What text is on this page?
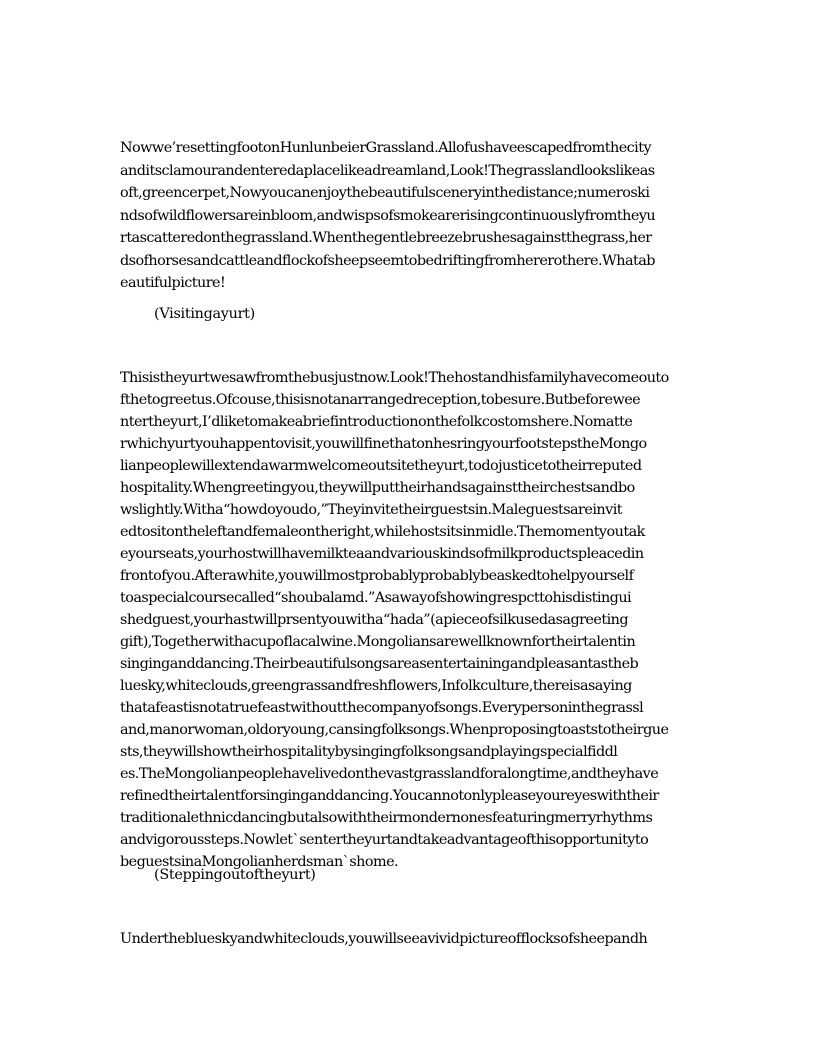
Nowwe’resettingfootonHunlunbeierGrassland.Allofushaveescapedfromthecity
anditsclamourandenteredaplacelikeadreamland,Look!Thegrasslandlookslikeas
oft,greencerpet,Nowyoucanenjoythebeautifulsceneryinthedistance;numeroski
ndsofwildflowersareinbloom,andwispsofsmokearerisingcontinuouslyfromtheyu
rtascatteredonthegrassland.Whenthegentlebreezebrushesagainstthegrass,her
dsofhorsesandcattleandflockofsheepseemtobedriftingfromhererothere.Whatab
eautifulpicture!
(Visitingayurt)
Thisistheyurtwesawfromthebusjustnow.Look!Thehostandhisfamilyhavecomeouto
fthetogreetus.Ofcouse,thisisnotanarrangedreception,tobesure.Butbeforewee
ntertheyurt,I’dliketomakeabriefintroductiononthefolkcostomshere.Nomatte
rwhichyurtyouhappentovisit,youwillfinethatonhesringyourfootstepstheMongo
lianpeoplewillextendawarmwelcomeoutsitetheyurt,todojusticetotheirreputed
hospitality.Whengreetingyou,theywillputtheirhandsagainsttheirchestsandbo
wslightly.Witha“howdoyoudo,”Theyinvitetheirguestsin.Maleguestsareinvit
edtositontheleftandfemaleontheright,whilehostsitsinmidle.Themomentyoutak
eyourseats,yourhostwillhavemilkteaandvariouskindsofmilkproductspleacedin
frontofyou.Afterawhite,youwillmostprobablyprobablybeaskedtohelpyourself
toaspecialcoursecalled“shoubalamd.”Asawayofshowingrespcttohisdistingui
shedguest,yourhastwillprsentyouwitha“hada”(apieceofsilkusedasagreeting
gift),Togetherwithacupoflacalwine.Mongoliansarewellknownfortheirtalentin
singinganddancing.Theirbeautifulsongsareasentertainingandpleasantastheb
luesky,whiteclouds,greengrassandfreshflowers,Infolkculture,thereisasaying
thatafeastisnotatruefeastwithoutthecompanyofsongs.Everypersoninthegrassl
and,manorwoman,oldoryoung,cansingfolksongs.Whenproposingtoaststotheirgue
sts,theywillshowtheirhospitalitybysingingfolksongsandplayingspecialfiddl
es.TheMongolianpeoplehavelivedonthevastgrasslandforalongtime,andtheyhave
refinedtheirtalentforsinginganddancing.Youcannotonlypleaseyoureyeswiththeir
traditionalethnicdancingbutalsowiththeirmondernonesfeaturingmerryrhythms
andvigoroussteps.Nowlet`sentertheyurtandtakeadvantageofthisopportunityto
beguestsinaMongolianherdsman`shome.
(Steppingoutoftheyurt)
Undertheblueskyandwhiteclouds,youwillseeavividpictureofflocksofsheepandh
